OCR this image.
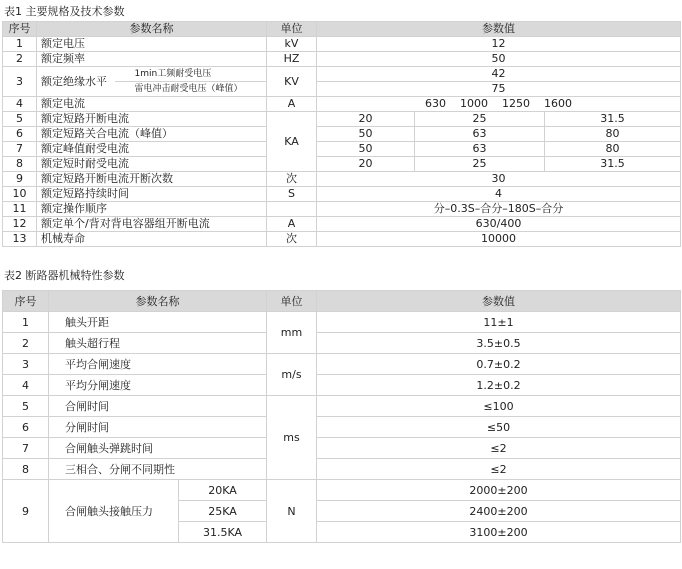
表1 主要规格及技术参数
序号	参数名称		单位	参数值		
1	额定电压		kV	12		
2	额定频率		HZ	50		
3	额定绝缘水平	1min工频耐受电压	KV	42		
		雷电冲击耐受电压（峰值）		75		
4	额定电流		A	630    1000    1250    1600		
5	额定短路开断电流		KA	20	25	31.5
6	额定短路关合电流（峰值）			50	63	80
7	额定峰值耐受电流			50	63	80
8	额定短时耐受电流			20	25	31.5
9	额定短路开断电流开断次数		次	30		
10	额定短路持续时间		S	4		
11	额定操作顺序			分–0.3S–合分–180S–合分		
12	额定单个/背对背电容器组开断电流		A	630/400		
13	机械寿命		次	10000		
表2 断路器机械特性参数
序号	参数名称		单位	参数值
1	触头开距		mm	11±1
2	触头超行程			3.5±0.5
3	平均合闸速度		m/s	0.7±0.2
4	平均分闸速度			1.2±0.2
5	合闸时间		ms	≤100
6	分闸时间			≤50
7	合闸触头弹跳时间			≤2
8	三相合、分闸不同期性			≤2
9	合闸触头接触压力	20KA	N	2000±200
		25KA		2400±200
		31.5KA		3100±200
